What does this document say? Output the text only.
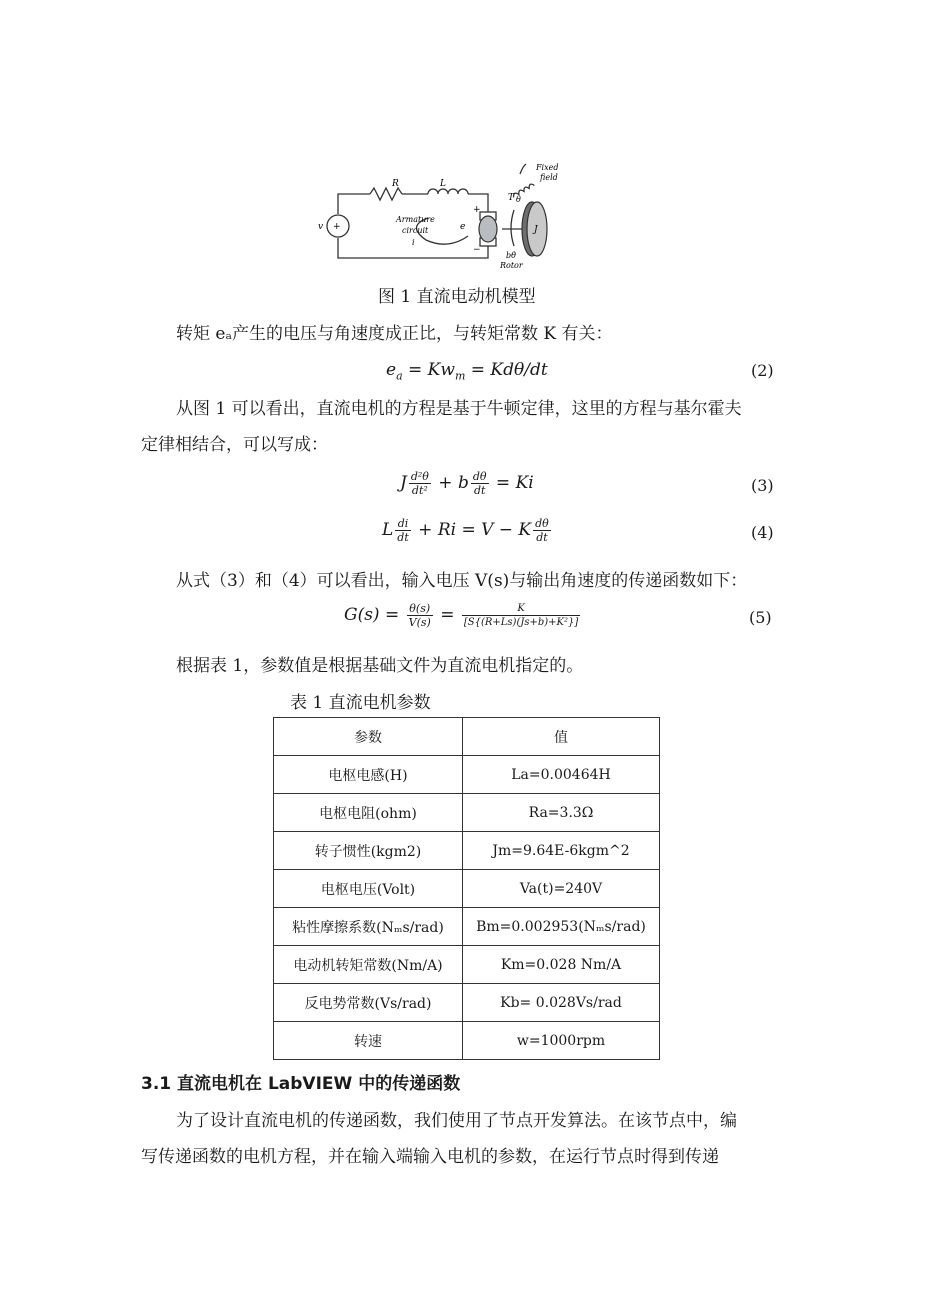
R	L
v +
Armature
circuit
i
e
+
−
T θ
J
bθ̇
Rotor
Fixed
field
图 1 直流电动机模型
转矩 eₐ产生的电压与角速度成正比，与转矩常数 K 有关：
$e_a = Kw_m = Kd\theta/dt$	(2)
从图 1 可以看出，直流电机的方程是基于牛顿定律，这里的方程与基尔霍夫
定律相结合，可以写成：
J $\frac{\text{d²θ}}{\text{dt²}} + b \frac{d\theta}{dt} = Ki$	(3)
L $\frac{di}{dt} + Ri = V - K \frac{d\theta}{dt}$	(4)
从式（3）和（4）可以看出，输入电压 V(s)与输出角速度的传递函数如下：
$G(s) = \frac{\theta(s)}{V(s)} = \frac{K}{\text{[S\{(R+Ls)(Js+b)+K²\}]}}$	(5)
根据表 1，参数值是根据基础文件为直流电机指定的。
表 1 直流电机参数
参数	值
电枢电感(H)	La=0.00464H
电枢电阻(ohm)	Ra=3.3Ω
转子惯性(kgm2)	Jm=9.64E-6kgm^2
电枢电压(Volt)	Va(t)=240V
粘性摩擦系数(Nₘs/rad)	Bm=0.002953(Nₘs/rad)
电动机转矩常数(Nm/A)	Km=0.028 Nm/A
反电势常数(Vs/rad)	Kb= 0.028Vs/rad
转速	w=1000rpm
3.1 直流电机在 LabVIEW 中的传递函数
为了设计直流电机的传递函数，我们使用了节点开发算法。在该节点中，编
写传递函数的电机方程，并在输入端输入电机的参数，在运行节点时得到传递
